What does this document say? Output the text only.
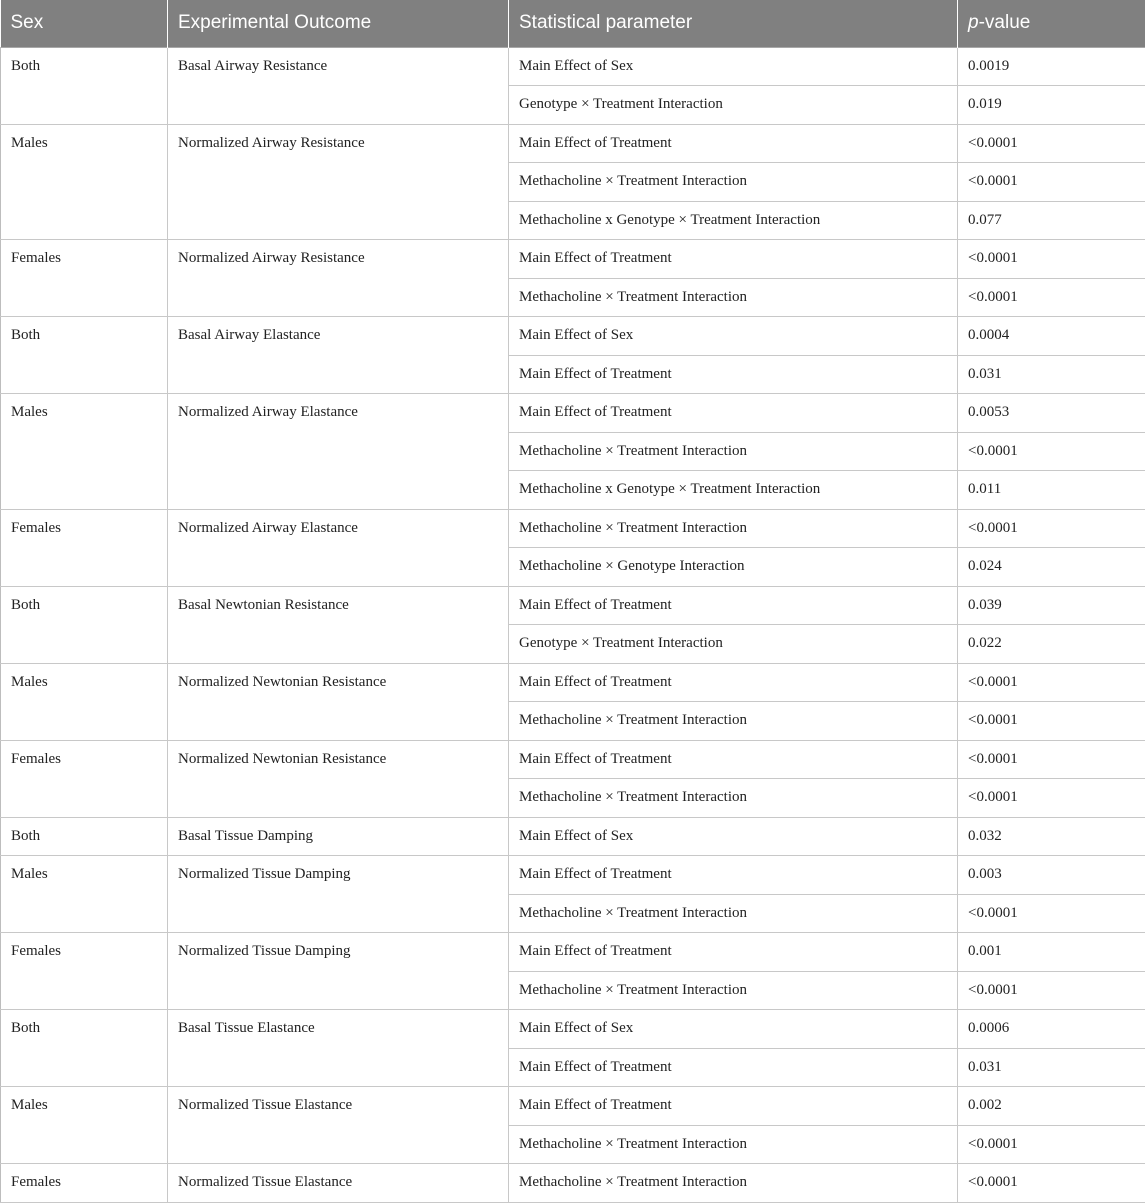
Sex	Experimental Outcome	Statistical parameter	p-value
Both	Basal Airway Resistance	Main Effect of Sex	0.0019
		Genotype × Treatment Interaction	0.019
Males	Normalized Airway Resistance	Main Effect of Treatment	<0.0001
		Methacholine × Treatment Interaction	<0.0001
		Methacholine x Genotype × Treatment Interaction	0.077
Females	Normalized Airway Resistance	Main Effect of Treatment	<0.0001
		Methacholine × Treatment Interaction	<0.0001
Both	Basal Airway Elastance	Main Effect of Sex	0.0004
		Main Effect of Treatment	0.031
Males	Normalized Airway Elastance	Main Effect of Treatment	0.0053
		Methacholine × Treatment Interaction	<0.0001
		Methacholine x Genotype × Treatment Interaction	0.011
Females	Normalized Airway Elastance	Methacholine × Treatment Interaction	<0.0001
		Methacholine × Genotype Interaction	0.024
Both	Basal Newtonian Resistance	Main Effect of Treatment	0.039
		Genotype × Treatment Interaction	0.022
Males	Normalized Newtonian Resistance	Main Effect of Treatment	<0.0001
		Methacholine × Treatment Interaction	<0.0001
Females	Normalized Newtonian Resistance	Main Effect of Treatment	<0.0001
		Methacholine × Treatment Interaction	<0.0001
Both	Basal Tissue Damping	Main Effect of Sex	0.032
Males	Normalized Tissue Damping	Main Effect of Treatment	0.003
		Methacholine × Treatment Interaction	<0.0001
Females	Normalized Tissue Damping	Main Effect of Treatment	0.001
		Methacholine × Treatment Interaction	<0.0001
Both	Basal Tissue Elastance	Main Effect of Sex	0.0006
		Main Effect of Treatment	0.031
Males	Normalized Tissue Elastance	Main Effect of Treatment	0.002
		Methacholine × Treatment Interaction	<0.0001
Females	Normalized Tissue Elastance	Methacholine × Treatment Interaction	<0.0001
